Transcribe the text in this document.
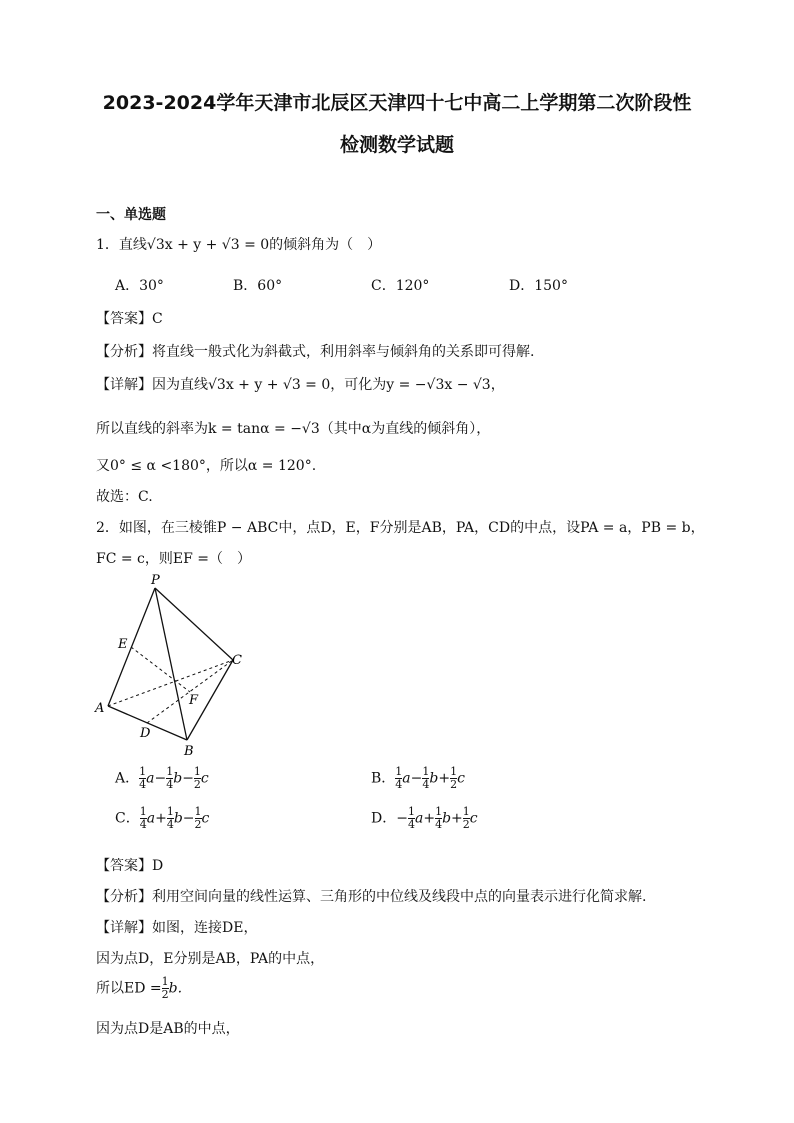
2023-2024学年天津市北辰区天津四十七中高二上学期第二次阶段性
检测数学试题
一、单选题
1．直线√3x + y + √3 = 0的倾斜角为（　）
A．30°	B．60°	C．120°	D．150°
【答案】C
【分析】将直线一般式化为斜截式，利用斜率与倾斜角的关系即可得解.
【详解】因为直线√3x + y + √3 = 0，可化为y = −√3x − √3，
所以直线的斜率为k = tanα = −√3（其中α为直线的倾斜角），
又0° ≤ α <180°，所以α = 120°.
故选：C.
2．如图，在三棱锥P − ABC中，点D，E，F分别是AB，PA，CD的中点，设PA = a，PB = b，
FC = c，则EF =（　）
P
E
C
A
F
D
B
A． $\frac{1}{4} a- \frac{1}{4} b- \frac{1}{2}$ c	B． $\frac{1}{4} a- \frac{1}{4} b+ \frac{1}{2}$ c
C． $\frac{1}{4} a+ \frac{1}{4} b- \frac{1}{2}$ c	D．− $\frac{1}{4} a+ \frac{1}{4} b+ \frac{1}{2}$ c
【答案】D
【分析】利用空间向量的线性运算、三角形的中位线及线段中点的向量表示进行化简求解.
【详解】如图，连接DE，
因为点D，E分别是AB，PA的中点，
所以ED = $\frac{1}{2} b$.
因为点D是AB的中点，
